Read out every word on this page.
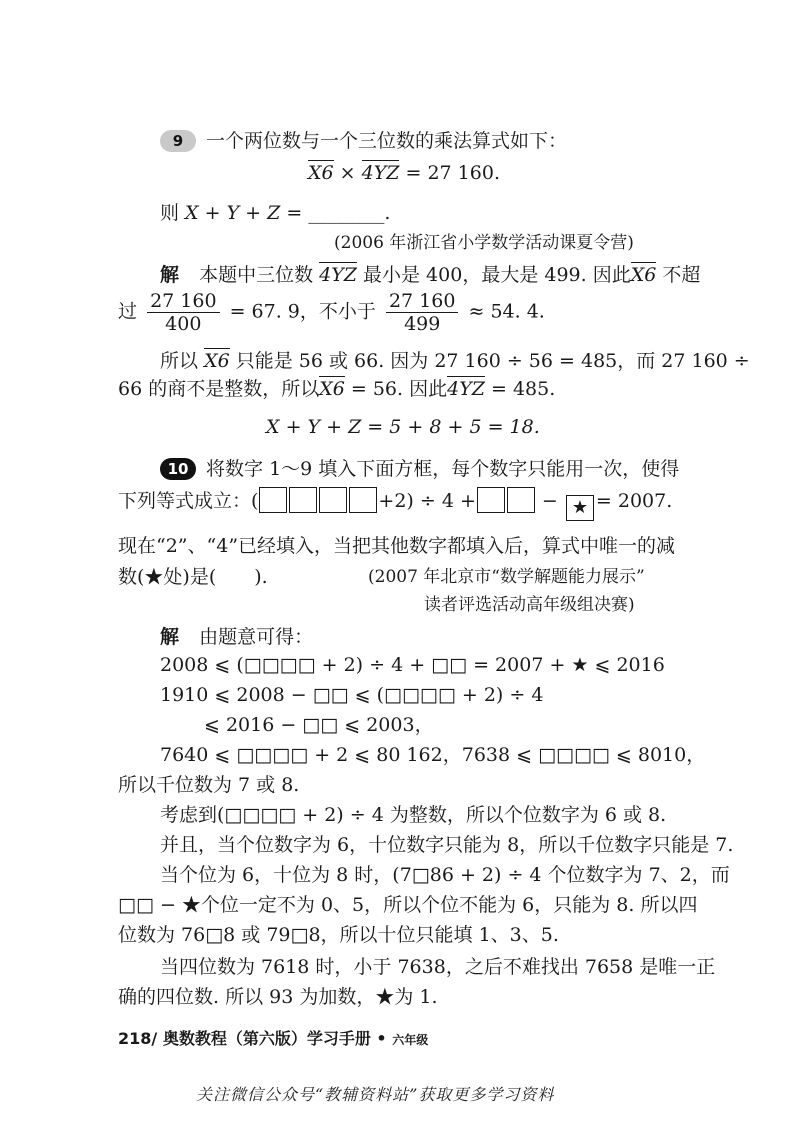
9 一个两位数与一个三位数的乘法算式如下：
X6 × 4YZ = 27 160.
则 X + Y + Z = ________.
(2006 年浙江省小学数学活动课夏令营)
解 本题中三位数 4YZ 最小是 400，最大是 499. 因此X6 不超
过 $\frac{27 160}{400} = 67$. 9，不小于 $\frac{27 160}{499} \approx 54$. 4.
所以 X6 只能是 56 或 66. 因为 27 160 ÷ 56 = 485，而 27 160 ÷
66 的商不是整数，所以X6 = 56. 因此4YZ = 485.
X + Y + Z = 5 + 8 + 5 = 18.
10 将数字 1～9 填入下面方框，每个数字只能用一次，使得
下列等式成立：(	+2) ÷ 4 +	− ★ = 2007.
现在“2”、“4”已经填入，当把其他数字都填入后，算式中唯一的减
数(★处)是(　　).	(2007 年北京市“数学解题能力展示”
读者评选活动高年级组决赛)
解 由题意可得：
2008 ⩽ (□□□□ + 2) ÷ 4 + □□ = 2007 + ★ ⩽ 2016
1910 ⩽ 2008 − □□ ⩽ (□□□□ + 2) ÷ 4
⩽ 2016 − □□ ⩽ 2003，
7640 ⩽ □□□□ + 2 ⩽ 80 162，7638 ⩽ □□□□ ⩽ 8010，
所以千位数为 7 或 8.
考虑到(□□□□ + 2) ÷ 4 为整数，所以个位数字为 6 或 8.
并且，当个位数字为 6，十位数字只能为 8，所以千位数字只能是 7.
当个位为 6，十位为 8 时，(7□86 + 2) ÷ 4 个位数字为 7、2，而
□□ − ★个位一定不为 0、5，所以个位不能为 6，只能为 8. 所以四
位数为 76□8 或 79□8，所以十位只能填 1、3、5.
当四位数为 7618 时，小于 7638，之后不难找出 7658 是唯一正
确的四位数. 所以 93 为加数，★为 1.
218/ 奥数教程（第六版）学习手册 • 六年级
关注微信公众号“教辅资料站”获取更多学习资料
